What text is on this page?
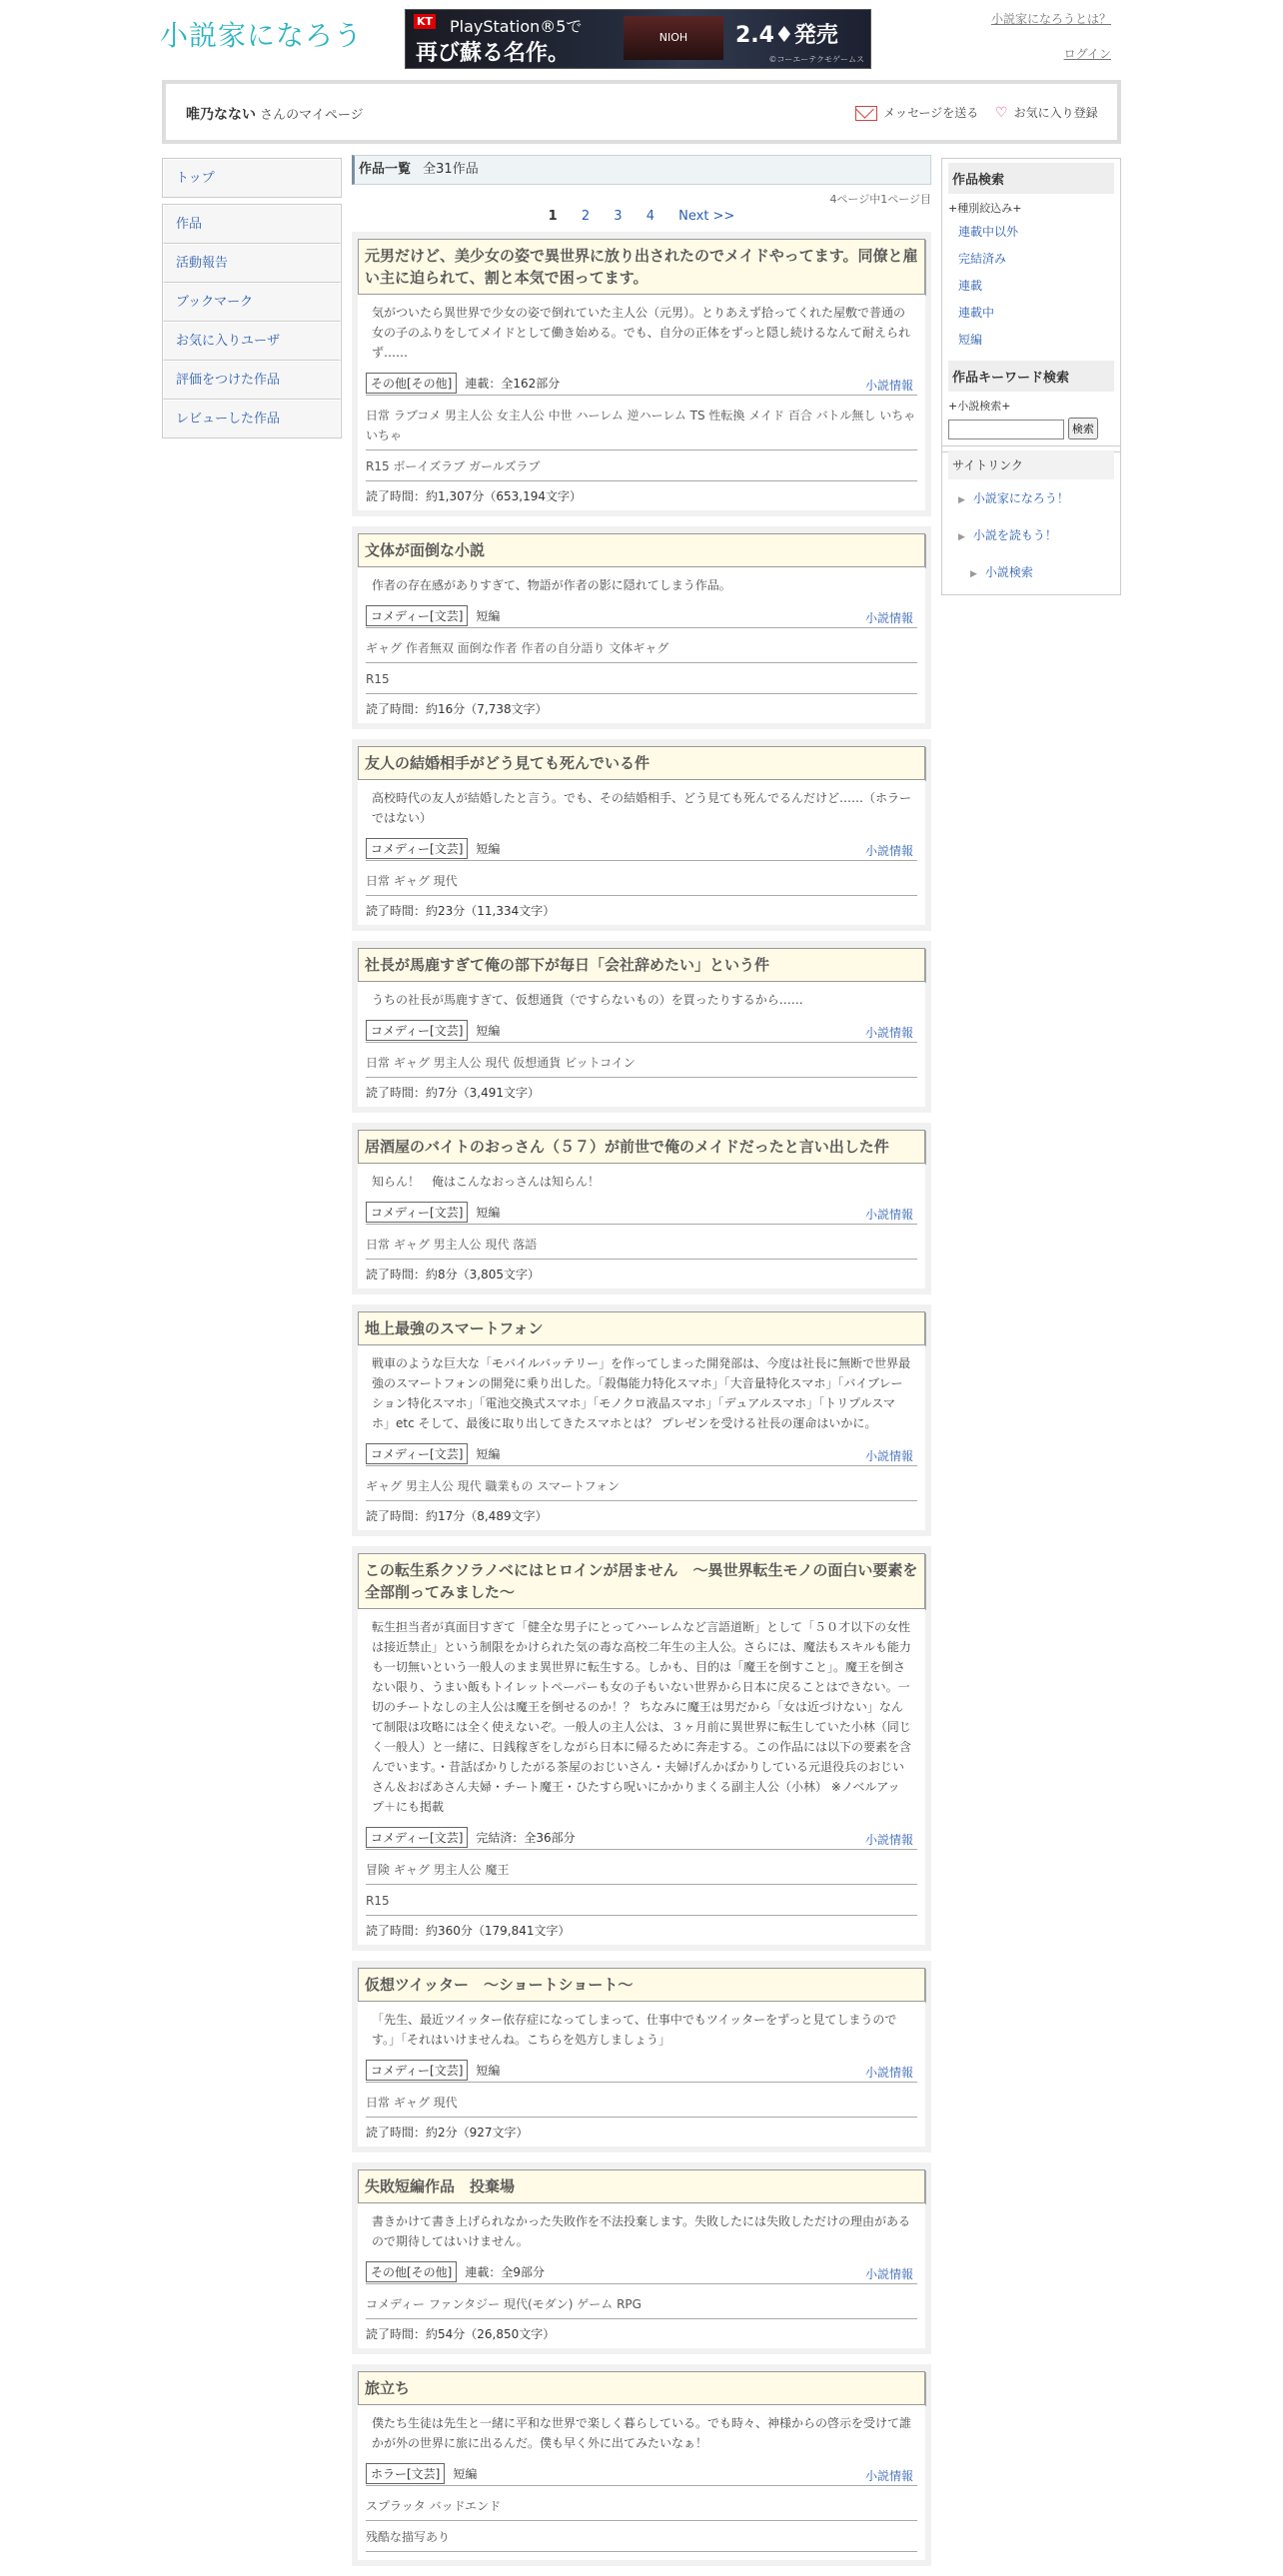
小説家になろう	KT PlayStation®5で
再び蘇る名作。
NIOH COLLECTION
2.4♦発売
©コーエーテクモゲームス
小説家になろうとは？
ログイン
唯乃なない さんのマイページ	メッセージを送る ♡ お気に入り登録
トップ
作品
活動報告
ブックマーク
お気に入りユーザ
評価をつけた作品
レビューした作品
作品一覧 全31作品
4ページ中1ページ目
1 2 3 4 Next >>
元男だけど、美少女の姿で異世界に放り出されたのでメイドやってます。同僚と雇い主に迫られて、割と本気で困ってます。
気がついたら異世界で少女の姿で倒れていた主人公（元男）。とりあえず拾ってくれた屋敷で普通の女の子のふりをしてメイドとして働き始める。でも、自分の正体をずっと隠し続けるなんて耐えられず……
その他[その他] 連載：全162部分	小説情報
日常 ラブコメ 男主人公 女主人公 中世 ハーレム 逆ハーレム TS 性転換 メイド 百合 バトル無し いちゃいちゃ
R15 ボーイズラブ ガールズラブ
読了時間：約1,307分（653,194文字）
文体が面倒な小説
作者の存在感がありすぎて、物語が作者の影に隠れてしまう作品。
コメディー[文芸] 短編	小説情報
ギャグ 作者無双 面倒な作者 作者の自分語り 文体ギャグ
R15
読了時間：約16分（7,738文字）
友人の結婚相手がどう見ても死んでいる件
高校時代の友人が結婚したと言う。でも、その結婚相手、どう見ても死んでるんだけど……（ホラーではない）
コメディー[文芸] 短編	小説情報
日常 ギャグ 現代
読了時間：約23分（11,334文字）
社長が馬鹿すぎて俺の部下が毎日「会社辞めたい」という件
うちの社長が馬鹿すぎて、仮想通貨（ですらないもの）を買ったりするから……
コメディー[文芸] 短編	小説情報
日常 ギャグ 男主人公 現代 仮想通貨 ビットコイン
読了時間：約7分（3,491文字）
居酒屋のバイトのおっさん（５７）が前世で俺のメイドだったと言い出した件
知らん！　俺はこんなおっさんは知らん！
コメディー[文芸] 短編	小説情報
日常 ギャグ 男主人公 現代 落語
読了時間：約8分（3,805文字）
地上最強のスマートフォン
戦車のような巨大な「モバイルバッテリー」を作ってしまった開発部は、今度は社長に無断で世界最強のスマートフォンの開発に乗り出した。「殺傷能力特化スマホ」「大音量特化スマホ」「バイブレーション特化スマホ」「電池交換式スマホ」「モノクロ液晶スマホ」「デュアルスマホ」「トリプルスマホ」etc そして、最後に取り出してきたスマホとは？ プレゼンを受ける社長の運命はいかに。
コメディー[文芸] 短編	小説情報
ギャグ 男主人公 現代 職業もの スマートフォン
読了時間：約17分（8,489文字）
この転生系クソラノベにはヒロインが居ません　～異世界転生モノの面白い要素を全部削ってみました～
転生担当者が真面目すぎて「健全な男子にとってハーレムなど言語道断」として「５０才以下の女性は接近禁止」という制限をかけられた気の毒な高校二年生の主人公。さらには、魔法もスキルも能力も一切無いという一般人のまま異世界に転生する。しかも、目的は「魔王を倒すこと」。魔王を倒さない限り、うまい飯もトイレットペーパーも女の子もいない世界から日本に戻ることはできない。一切のチートなしの主人公は魔王を倒せるのか！？ ちなみに魔王は男だから「女は近づけない」なんて制限は攻略には全く使えないぞ。一般人の主人公は、３ヶ月前に異世界に転生していた小林（同じく一般人）と一緒に、日銭稼ぎをしながら日本に帰るために奔走する。この作品には以下の要素を含んでいます。・昔話ばかりしたがる茶屋のおじいさん・夫婦げんかばかりしている元退役兵のおじいさん＆おばあさん夫婦・チート魔王・ひたすら呪いにかかりまくる副主人公（小林） ※ノベルアップ＋にも掲載
コメディー[文芸] 完結済：全36部分	小説情報
冒険 ギャグ 男主人公 魔王
R15
読了時間：約360分（179,841文字）
仮想ツイッター　～ショートショート～
「先生、最近ツイッター依存症になってしまって、仕事中でもツイッターをずっと見てしまうのです。」「それはいけませんね。こちらを処方しましょう」
コメディー[文芸] 短編	小説情報
日常 ギャグ 現代
読了時間：約2分（927文字）
失敗短編作品　投棄場
書きかけて書き上げられなかった失敗作を不法投棄します。失敗したには失敗しただけの理由があるので期待してはいけません。
その他[その他] 連載：全9部分	小説情報
コメディー ファンタジー 現代(モダン) ゲーム RPG
読了時間：約54分（26,850文字）
旅立ち
僕たち生徒は先生と一緒に平和な世界で楽しく暮らしている。でも時々、神様からの啓示を受けて誰かが外の世界に旅に出るんだ。僕も早く外に出てみたいなぁ！
ホラー[文芸] 短編	小説情報
スプラッタ バッドエンド
残酷な描写あり
作品検索
+種別絞込み+
連載中以外
完結済み
連載
連載中
短編
作品キーワード検索
+小説検索+
検索
サイトリンク
▶ 小説家になろう！
▶ 小説を読もう！
▶ 小説検索
